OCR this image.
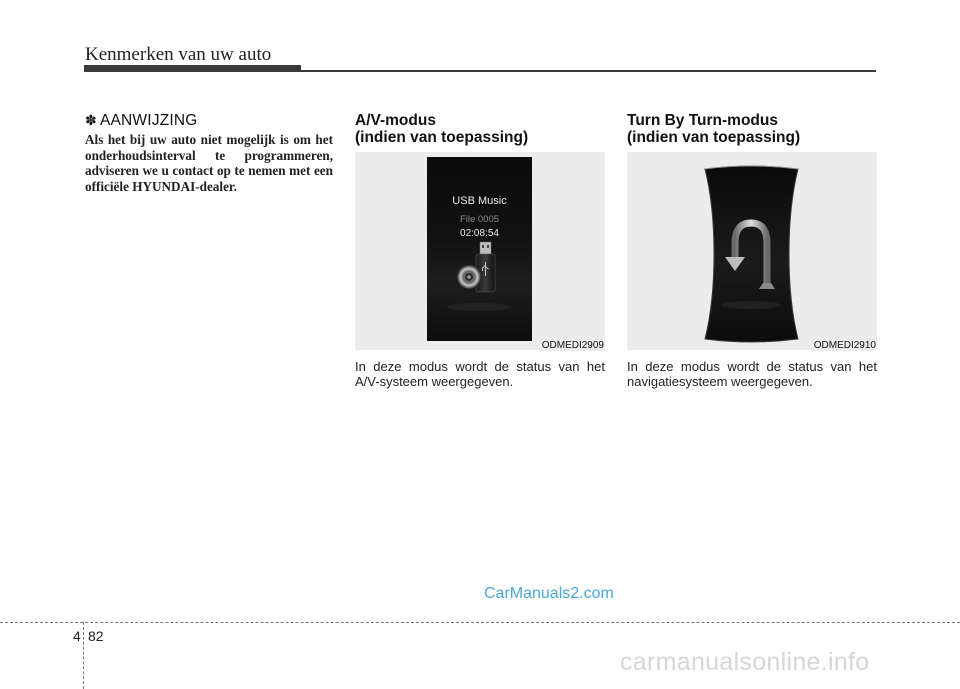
Kenmerken van uw auto
✽ AANWIJZING

Als het bij uw auto niet mogelijk is om het onderhoudsinterval te programmeren, adviseren we u contact op te nemen met een officiële HYUNDAI-dealer.

A/V-modus
(indien van toepassing)
USB Music
File 0005
02:08:54
ODMEDI2909

In deze modus wordt de status van het A/V-systeem weergegeven.

Turn By Turn-modus
(indien van toepassing)
ODMEDI2910

In deze modus wordt de status van het navigatiesysteem weergegeven.

4 82
CarManuals2.com
carmanualsonline.info
